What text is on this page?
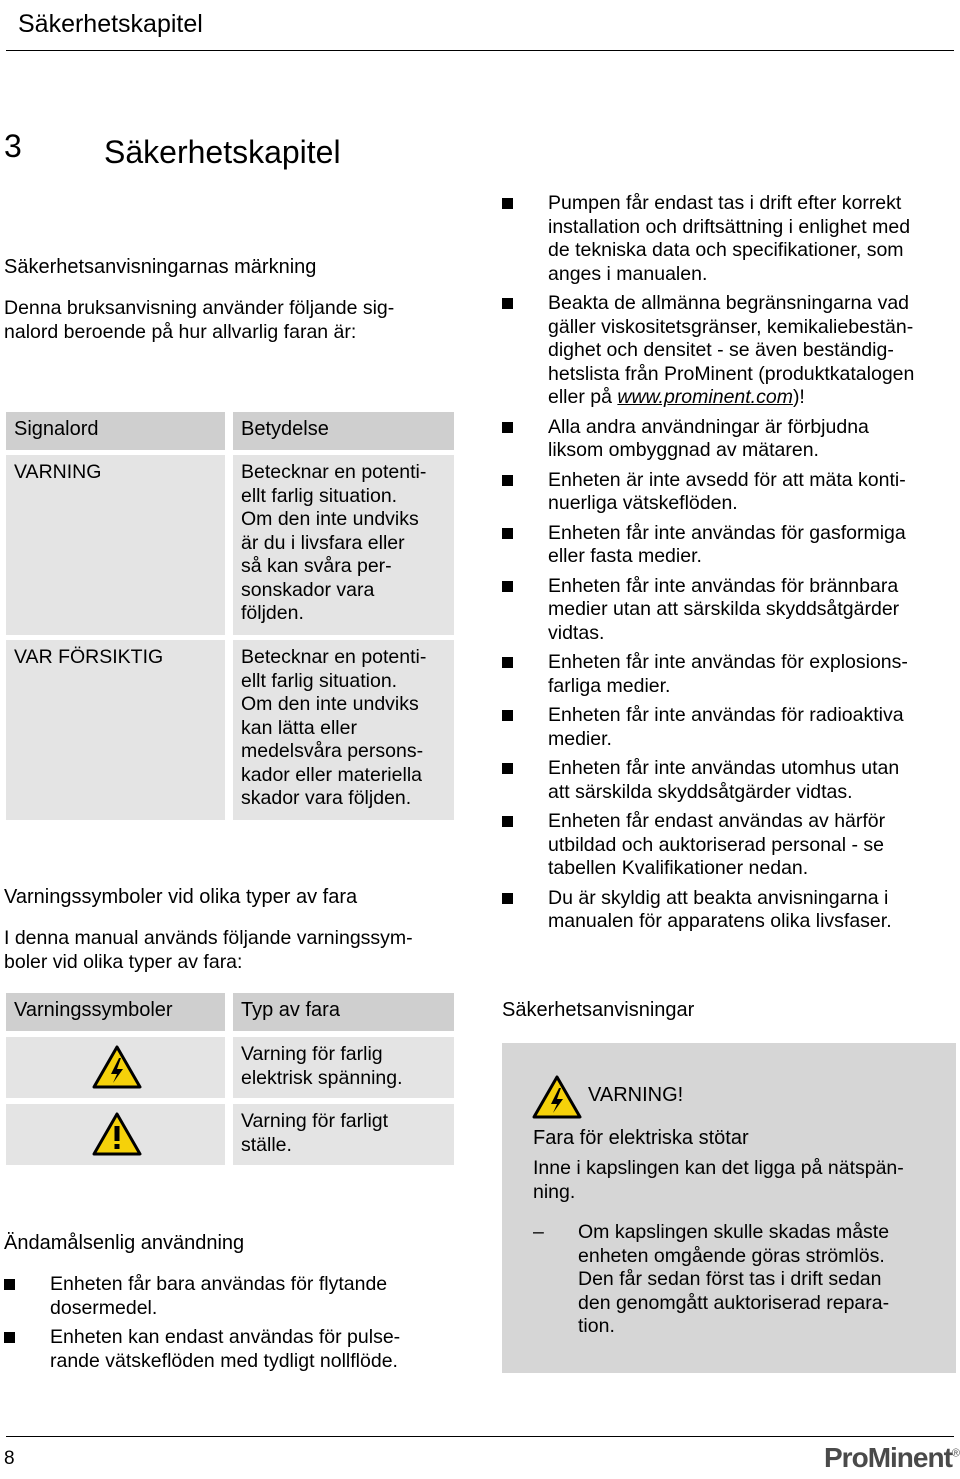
Säkerhetskapitel
3	Säkerhetskapitel
Säkerhetsanvisningarnas märkning
Denna bruksanvisning använder följande sig-
nalord beroende på hur allvarlig faran är:
Signalord	Betydelse
VARNING	Betecknar en potenti-
ellt farlig situation.
Om den inte undviks
är du i livsfara eller
så kan svåra per-
sonskador vara
följden.
VAR FÖRSIKTIG	Betecknar en potenti-
ellt farlig situation.
Om den inte undviks
kan lätta eller
medelsvåra persons-
kador eller materiella
skador vara följden.
Varningssymboler vid olika typer av fara
I denna manual används följande varningssym-
boler vid olika typer av fara:
Varningssymboler	Typ av fara
Varning för farlig
elektrisk spänning.
Varning för farligt
ställe.
Ändamålsenlig användning
Enheten får bara användas för flytande
dosermedel.
Enheten kan endast användas för pulse-
rande vätskeflöden med tydligt nollflöde.
Pumpen får endast tas i drift efter korrekt
installation och driftsättning i enlighet med
de tekniska data och specifikationer, som
anges i manualen.
Beakta de allmänna begränsningarna vad
gäller viskositetsgränser, kemikaliebestän-
dighet och densitet - se även beständig-
hetslista från ProMinent (produktkatalogen
eller på www.prominent.com)!
Alla andra användningar är förbjudna
liksom ombyggnad av mätaren.
Enheten är inte avsedd för att mäta konti-
nuerliga vätskeflöden.
Enheten får inte användas för gasformiga
eller fasta medier.
Enheten får inte användas för brännbara
medier utan att särskilda skyddsåtgärder
vidtas.
Enheten får inte användas för explosions-
farliga medier.
Enheten får inte användas för radioaktiva
medier.
Enheten får inte användas utomhus utan
att särskilda skyddsåtgärder vidtas.
Enheten får endast användas av härför
utbildad och auktoriserad personal - se
tabellen Kvalifikationer nedan.
Du är skyldig att beakta anvisningarna i
manualen för apparatens olika livsfaser.
Säkerhetsanvisningar
VARNING!
Fara för elektriska stötar
Inne i kapslingen kan det ligga på nätspän-
ning.
– Om kapslingen skulle skadas måste
enheten omgående göras strömlös.
Den får sedan först tas i drift sedan
den genomgått auktoriserad repara-
tion.
8	ProMinent®
